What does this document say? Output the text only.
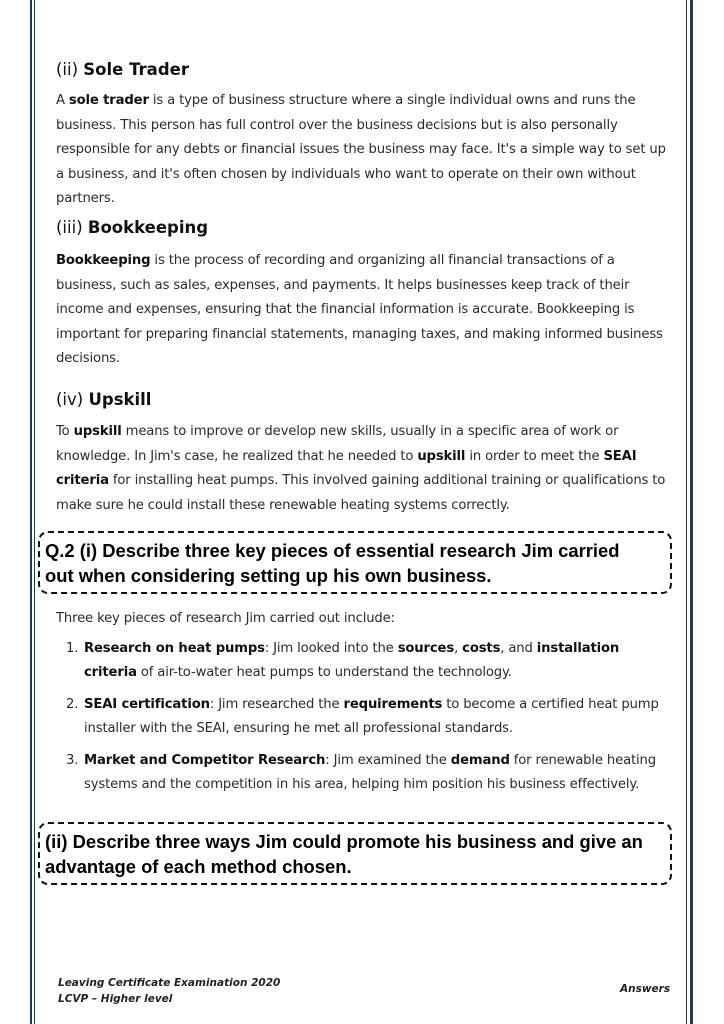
(ii) Sole Trader
A sole trader is a type of business structure where a single individual owns and runs the business. This person has full control over the business decisions but is also personally responsible for any debts or financial issues the business may face. It's a simple way to set up a business, and it's often chosen by individuals who want to operate on their own without partners.
(iii) Bookkeeping
Bookkeeping is the process of recording and organizing all financial transactions of a business, such as sales, expenses, and payments. It helps businesses keep track of their income and expenses, ensuring that the financial information is accurate. Bookkeeping is important for preparing financial statements, managing taxes, and making informed business decisions.
(iv) Upskill
To upskill means to improve or develop new skills, usually in a specific area of work or knowledge. In Jim's case, he realized that he needed to upskill in order to meet the SEAI criteria for installing heat pumps. This involved gaining additional training or qualifications to make sure he could install these renewable heating systems correctly.
Q.2 (i) Describe three key pieces of essential research Jim carried
out when considering setting up his own business.
Three key pieces of research Jim carried out include:
1. Research on heat pumps: Jim looked into the sources, costs, and installation criteria of air-to-water heat pumps to understand the technology.
2. SEAI certification: Jim researched the requirements to become a certified heat pump installer with the SEAI, ensuring he met all professional standards.
3. Market and Competitor Research: Jim examined the demand for renewable heating systems and the competition in his area, helping him position his business effectively.
(ii) Describe three ways Jim could promote his business and give an
advantage of each method chosen.
Leaving Certificate Examination 2020
LCVP – Higher level
Answers
